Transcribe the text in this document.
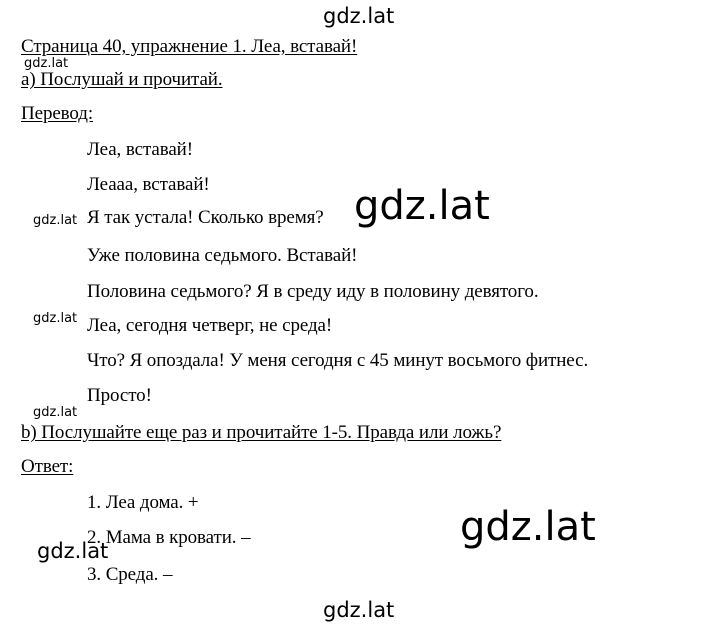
gdz.lat
Страница 40, упражнение 1. Леа, вставай!
gdz.lat
а) Послушай и прочитай.
Перевод:
Леа, вставай!
Леааа, вставай!
gdz.lat Я так устала! Сколько время? gdz.lat
Уже половина седьмого. Вставай!
Половина седьмого? Я в среду иду в половину девятого.
gdz.lat Леа, сегодня четверг, не среда!
Что? Я опоздала! У меня сегодня с 45 минут восьмого фитнес.
Просто!
gdz.lat
b) Послушайте еще раз и прочитайте 1-5. Правда или ложь?
Ответ:
1. Леа дома. +
2. Мама в кровати. –
3. Среда. –
gdz.lat
gdz.lat
gdz.lat
